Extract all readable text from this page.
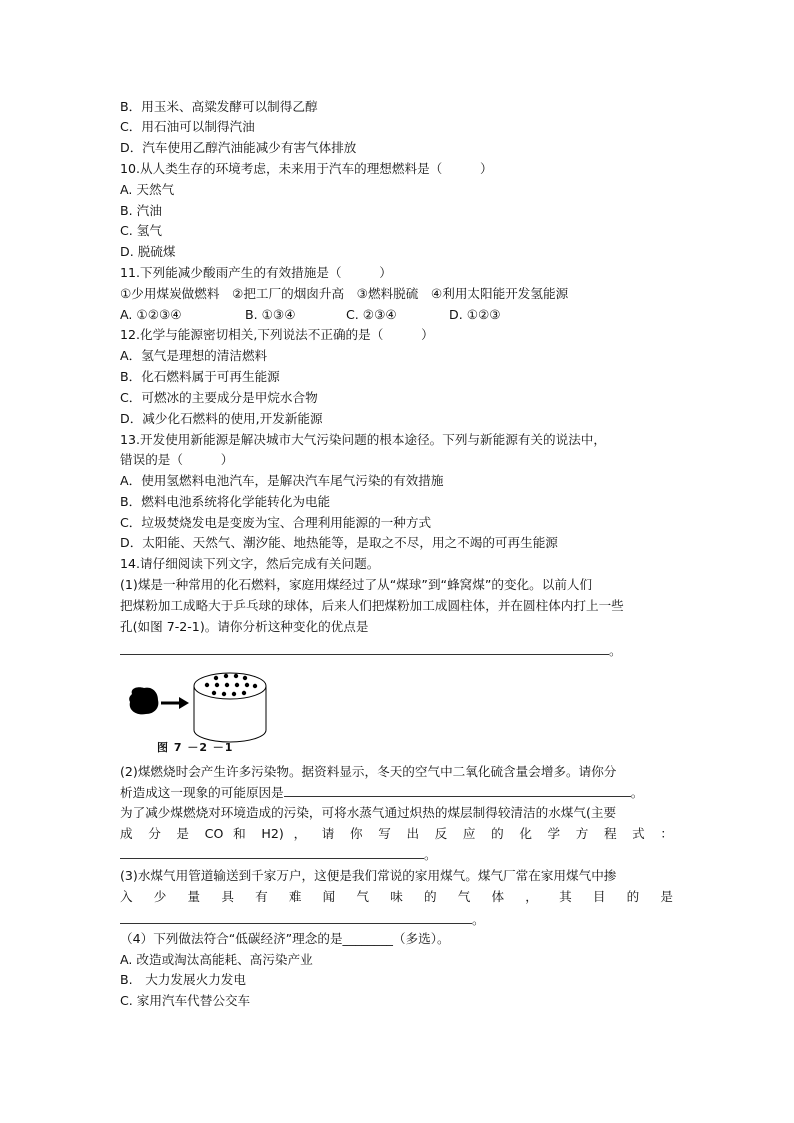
B．用玉米、高粱发酵可以制得乙醇
C．用石油可以制得汽油
D．汽车使用乙醇汽油能减少有害气体排放
10.从人类生存的环境考虑，未来用于汽车的理想燃料是（　　　）
A. 天然气
B. 汽油
C. 氢气
D. 脱硫煤
11.下列能减少酸雨产生的有效措施是（　　　）
①少用煤炭做燃料　②把工厂的烟囱升高　③燃料脱硫　④利用太阳能开发氢能源
A. ①②③④	B. ①③④	C. ②③④	D. ①②③
12.化学与能源密切相关,下列说法不正确的是（　　　）
A．氢气是理想的清洁燃料
B．化石燃料属于可再生能源
C．可燃冰的主要成分是甲烷水合物
D．减少化石燃料的使用,开发新能源
13.开发使用新能源是解决城市大气污染问题的根本途径。下列与新能源有关的说法中，
错误的是（　　　）
A．使用氢燃料电池汽车，是解决汽车尾气污染的有效措施
B．燃料电池系统将化学能转化为电能
C．垃圾焚烧发电是变废为宝、合理利用能源的一种方式
D．太阳能、天然气、潮汐能、地热能等，是取之不尽，用之不竭的可再生能源
14.请仔细阅读下列文字，然后完成有关问题。
(1)煤是一种常用的化石燃料，家庭用煤经过了从“煤球”到“蜂窝煤”的变化。以前人们
把煤粉加工成略大于乒乓球的球体，后来人们把煤粉加工成圆柱体，并在圆柱体内打上一些
孔(如图 7-2-1)。请你分析这种变化的优点是
。
图 7 －2 －1
(2)煤燃烧时会产生许多污染物。据资料显示，冬天的空气中二氧化硫含量会增多。请你分
析造成这一现象的可能原因是	。
为了减少煤燃烧对环境造成的污染，可将水蒸气通过炽热的煤层制得较清洁的水煤气(主要
成 分 是 CO 和 H2) ， 请 你 写 出 反 应 的 化 学 方 程 式 ：
。
(3)水煤气用管道输送到千家万户，这便是我们常说的家用煤气。煤气厂常在家用煤气中掺
入 少 量 具 有 难 闻 气 味 的 气 体 ， 其 目 的 是
。
（4）下列做法符合“低碳经济”理念的是________（多选）。
A. 改造或淘汰高能耗、高污染产业
B.　大力发展火力发电
C. 家用汽车代替公交车
